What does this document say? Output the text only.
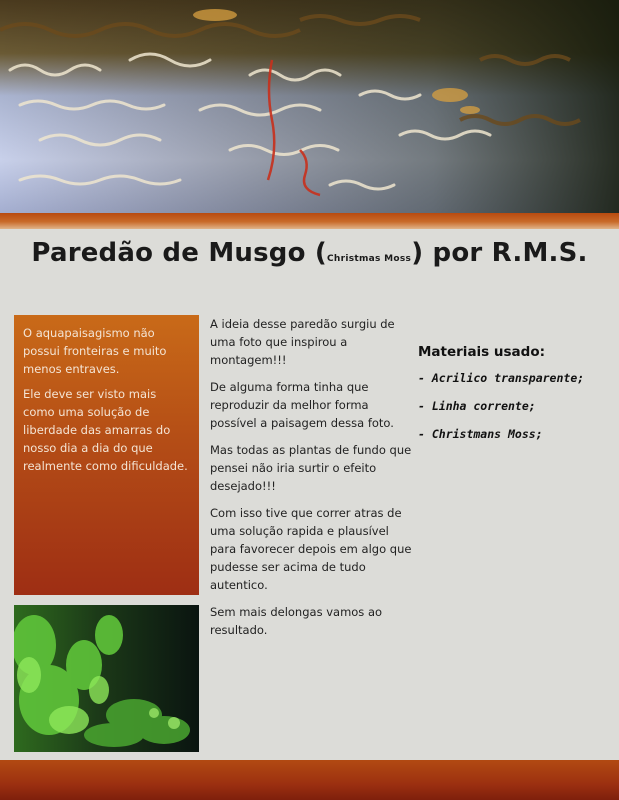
Paredão de Musgo (Christmas Moss) por R.M.S.

O aquapaisagismo não possui fronteiras e muito menos entraves.

Ele deve ser visto mais como uma solução de liberdade das amarras do nosso dia a dia do que realmente como dificuldade.

A ideia desse paredão surgiu de uma foto que inspirou a montagem!!!

De alguma forma tinha que reproduzir da melhor forma possível a paisagem dessa foto.

Mas todas as plantas de fundo que pensei não iria surtir o efeito desejado!!!

Com isso tive que correr atras de uma solução rapida e plausível para favorecer depois em algo que pudesse ser acima de tudo autentico.

Sem mais delongas vamos ao resultado.

Materiais usado:
- Acrilico transparente;
- Linha corrente;
- Christmans Moss;
